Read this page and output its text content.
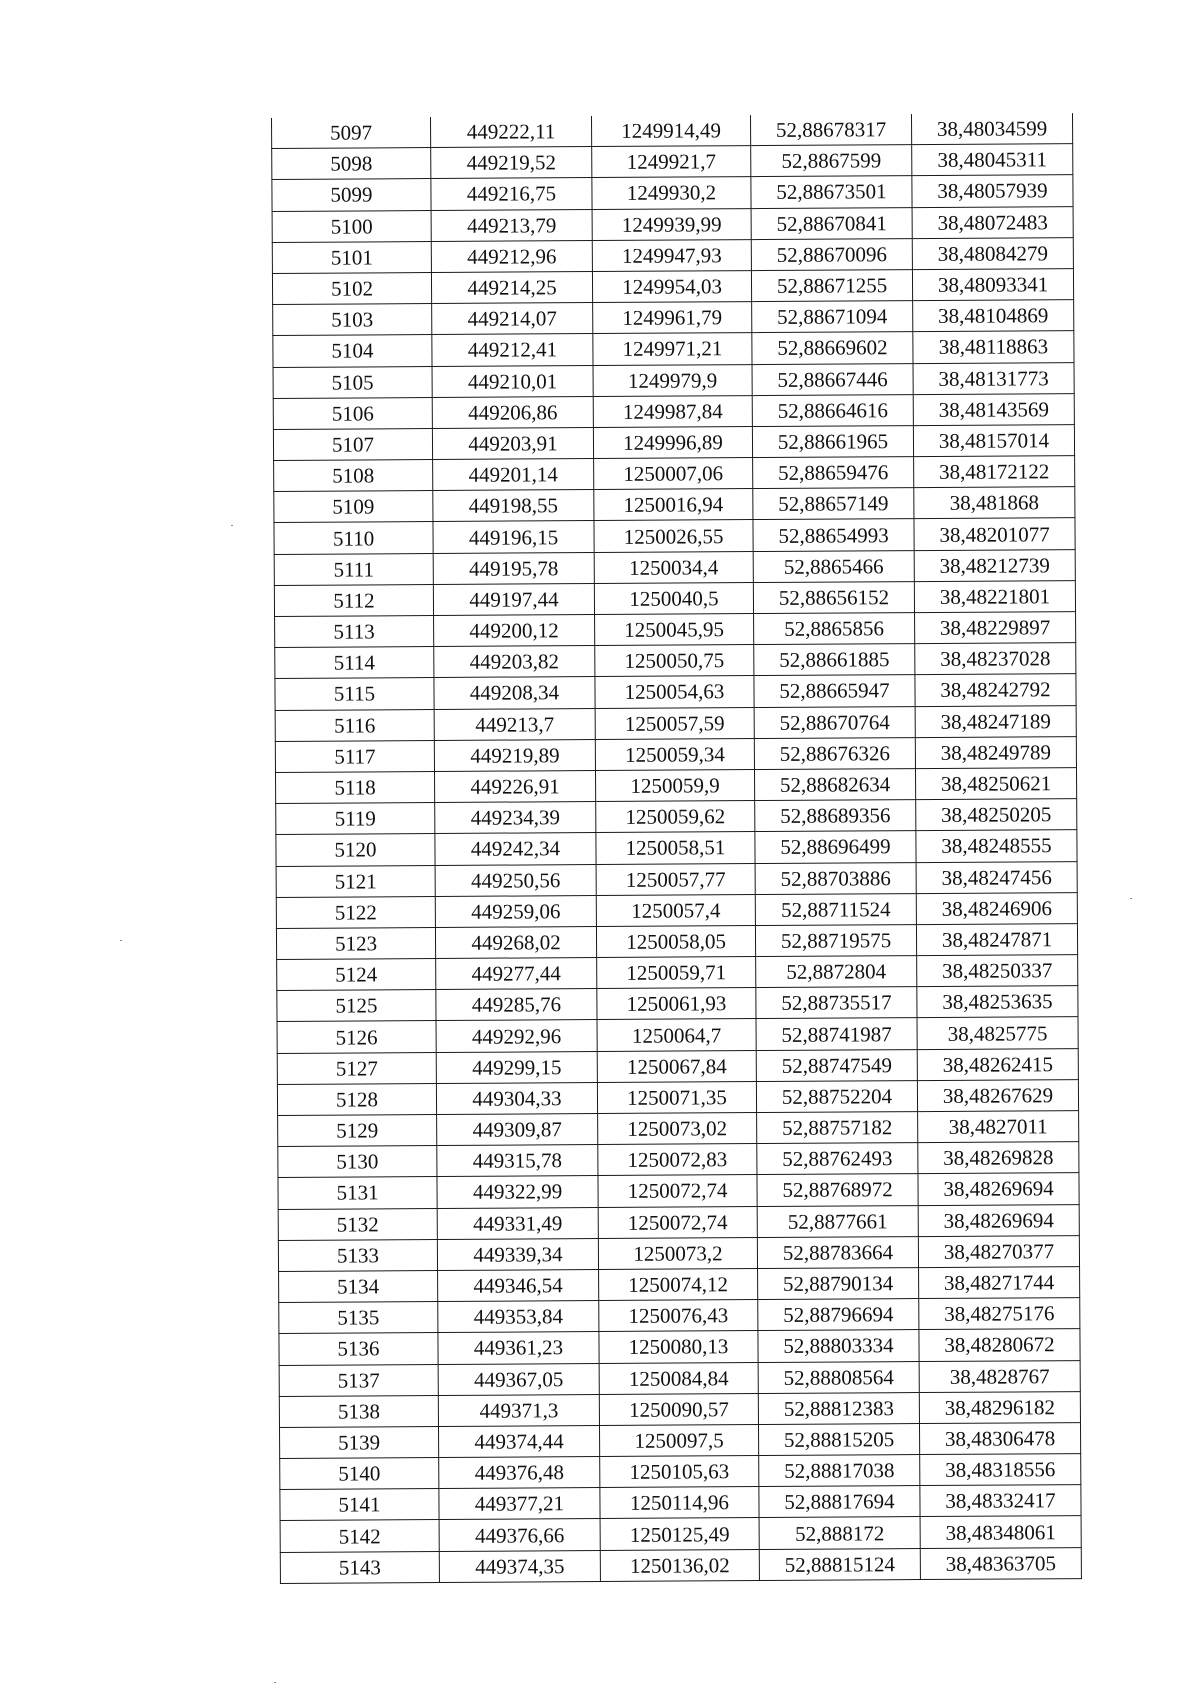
5097	449222,11	1249914,49	52,88678317	38,48034599
5098	449219,52	1249921,7	52,8867599	38,48045311
5099	449216,75	1249930,2	52,88673501	38,48057939
5100	449213,79	1249939,99	52,88670841	38,48072483
5101	449212,96	1249947,93	52,88670096	38,48084279
5102	449214,25	1249954,03	52,88671255	38,48093341
5103	449214,07	1249961,79	52,88671094	38,48104869
5104	449212,41	1249971,21	52,88669602	38,48118863
5105	449210,01	1249979,9	52,88667446	38,48131773
5106	449206,86	1249987,84	52,88664616	38,48143569
5107	449203,91	1249996,89	52,88661965	38,48157014
5108	449201,14	1250007,06	52,88659476	38,48172122
5109	449198,55	1250016,94	52,88657149	38,481868
5110	449196,15	1250026,55	52,88654993	38,48201077
5111	449195,78	1250034,4	52,8865466	38,48212739
5112	449197,44	1250040,5	52,88656152	38,48221801
5113	449200,12	1250045,95	52,8865856	38,48229897
5114	449203,82	1250050,75	52,88661885	38,48237028
5115	449208,34	1250054,63	52,88665947	38,48242792
5116	449213,7	1250057,59	52,88670764	38,48247189
5117	449219,89	1250059,34	52,88676326	38,48249789
5118	449226,91	1250059,9	52,88682634	38,48250621
5119	449234,39	1250059,62	52,88689356	38,48250205
5120	449242,34	1250058,51	52,88696499	38,48248555
5121	449250,56	1250057,77	52,88703886	38,48247456
5122	449259,06	1250057,4	52,88711524	38,48246906
5123	449268,02	1250058,05	52,88719575	38,48247871
5124	449277,44	1250059,71	52,8872804	38,48250337
5125	449285,76	1250061,93	52,88735517	38,48253635
5126	449292,96	1250064,7	52,88741987	38,4825775
5127	449299,15	1250067,84	52,88747549	38,48262415
5128	449304,33	1250071,35	52,88752204	38,48267629
5129	449309,87	1250073,02	52,88757182	38,4827011
5130	449315,78	1250072,83	52,88762493	38,48269828
5131	449322,99	1250072,74	52,88768972	38,48269694
5132	449331,49	1250072,74	52,8877661	38,48269694
5133	449339,34	1250073,2	52,88783664	38,48270377
5134	449346,54	1250074,12	52,88790134	38,48271744
5135	449353,84	1250076,43	52,88796694	38,48275176
5136	449361,23	1250080,13	52,88803334	38,48280672
5137	449367,05	1250084,84	52,88808564	38,4828767
5138	449371,3	1250090,57	52,88812383	38,48296182
5139	449374,44	1250097,5	52,88815205	38,48306478
5140	449376,48	1250105,63	52,88817038	38,48318556
5141	449377,21	1250114,96	52,88817694	38,48332417
5142	449376,66	1250125,49	52,888172	38,48348061
5143	449374,35	1250136,02	52,88815124	38,48363705
